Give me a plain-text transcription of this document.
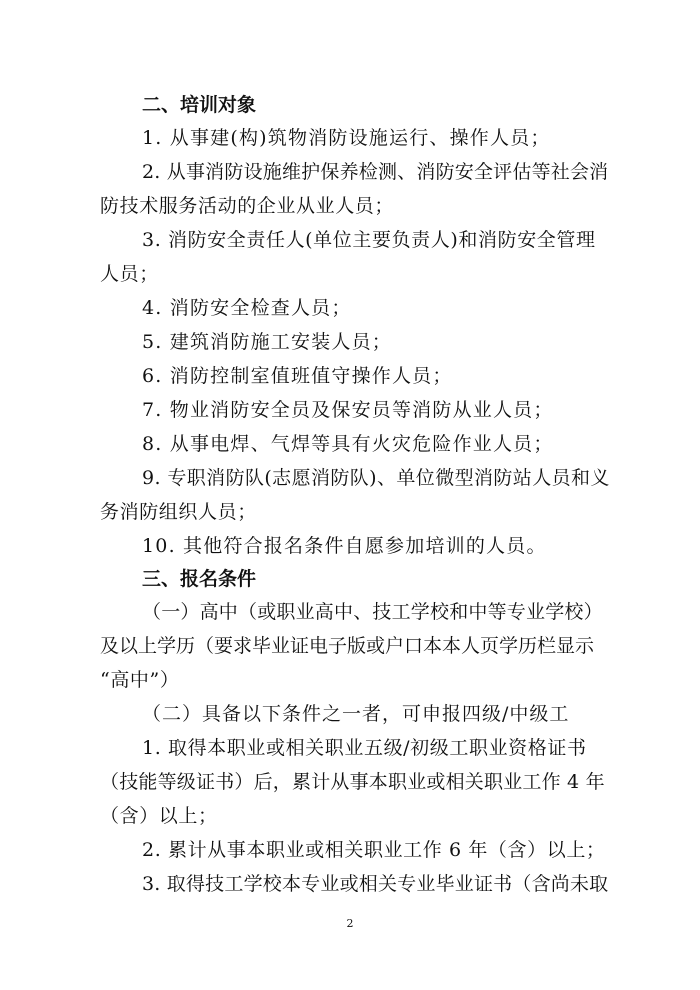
二、培训对象
1. 从事建(构)筑物消防设施运行、操作人员；
2. 从事消防设施维护保养检测、消防安全评估等社会消
防技术服务活动的企业从业人员；
3. 消防安全责任人(单位主要负责人)和消防安全管理
人员；
4. 消防安全检查人员；
5. 建筑消防施工安装人员；
6. 消防控制室值班值守操作人员；
7. 物业消防安全员及保安员等消防从业人员；
8. 从事电焊、气焊等具有火灾危险作业人员；
9. 专职消防队(志愿消防队)、单位微型消防站人员和义
务消防组织人员；
10. 其他符合报名条件自愿参加培训的人员。
三、报名条件
（一）高中（或职业高中、技工学校和中等专业学校）
及以上学历（要求毕业证电子版或户口本本人页学历栏显示
“高中”）
（二）具备以下条件之一者，可申报四级/中级工
1. 取得本职业或相关职业五级/初级工职业资格证书
（技能等级证书）后，累计从事本职业或相关职业工作 4 年
（含）以上；
2. 累计从事本职业或相关职业工作 6 年（含）以上；
3. 取得技工学校本专业或相关专业毕业证书（含尚未取
2
